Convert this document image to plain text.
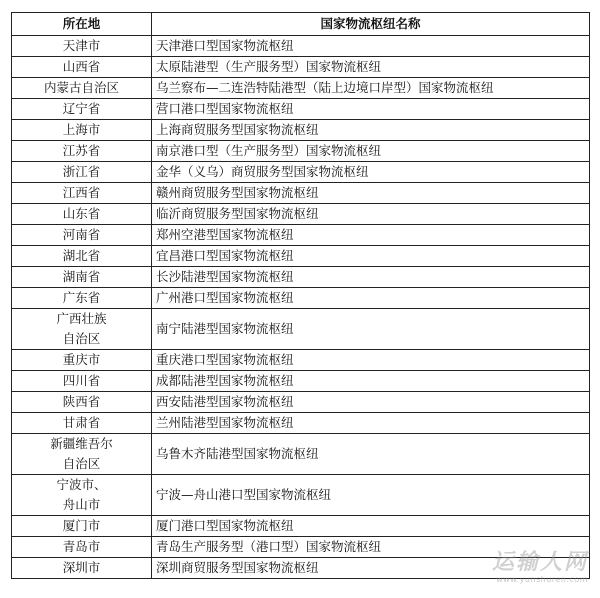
所在地	国家物流枢纽名称
天津市	天津港口型国家物流枢纽
山西省	太原陆港型（生产服务型）国家物流枢纽
内蒙古自治区	乌兰察布—二连浩特陆港型（陆上边境口岸型）国家物流枢纽
辽宁省	营口港口型国家物流枢纽
上海市	上海商贸服务型国家物流枢纽
江苏省	南京港口型（生产服务型）国家物流枢纽
浙江省	金华（义乌）商贸服务型国家物流枢纽
江西省	赣州商贸服务型国家物流枢纽
山东省	临沂商贸服务型国家物流枢纽
河南省	郑州空港型国家物流枢纽
湖北省	宜昌港口型国家物流枢纽
湖南省	长沙陆港型国家物流枢纽
广东省	广州港口型国家物流枢纽
广西壮族
自治区	南宁陆港型国家物流枢纽
重庆市	重庆港口型国家物流枢纽
四川省	成都陆港型国家物流枢纽
陕西省	西安陆港型国家物流枢纽
甘肃省	兰州陆港型国家物流枢纽
新疆维吾尔
自治区	乌鲁木齐陆港型国家物流枢纽
宁波市、
舟山市	宁波—舟山港口型国家物流枢纽
厦门市	厦门港口型国家物流枢纽
青岛市	青岛生产服务型（港口型）国家物流枢纽
深圳市	深圳商贸服务型国家物流枢纽	运输人网
www.yunshuren.com
